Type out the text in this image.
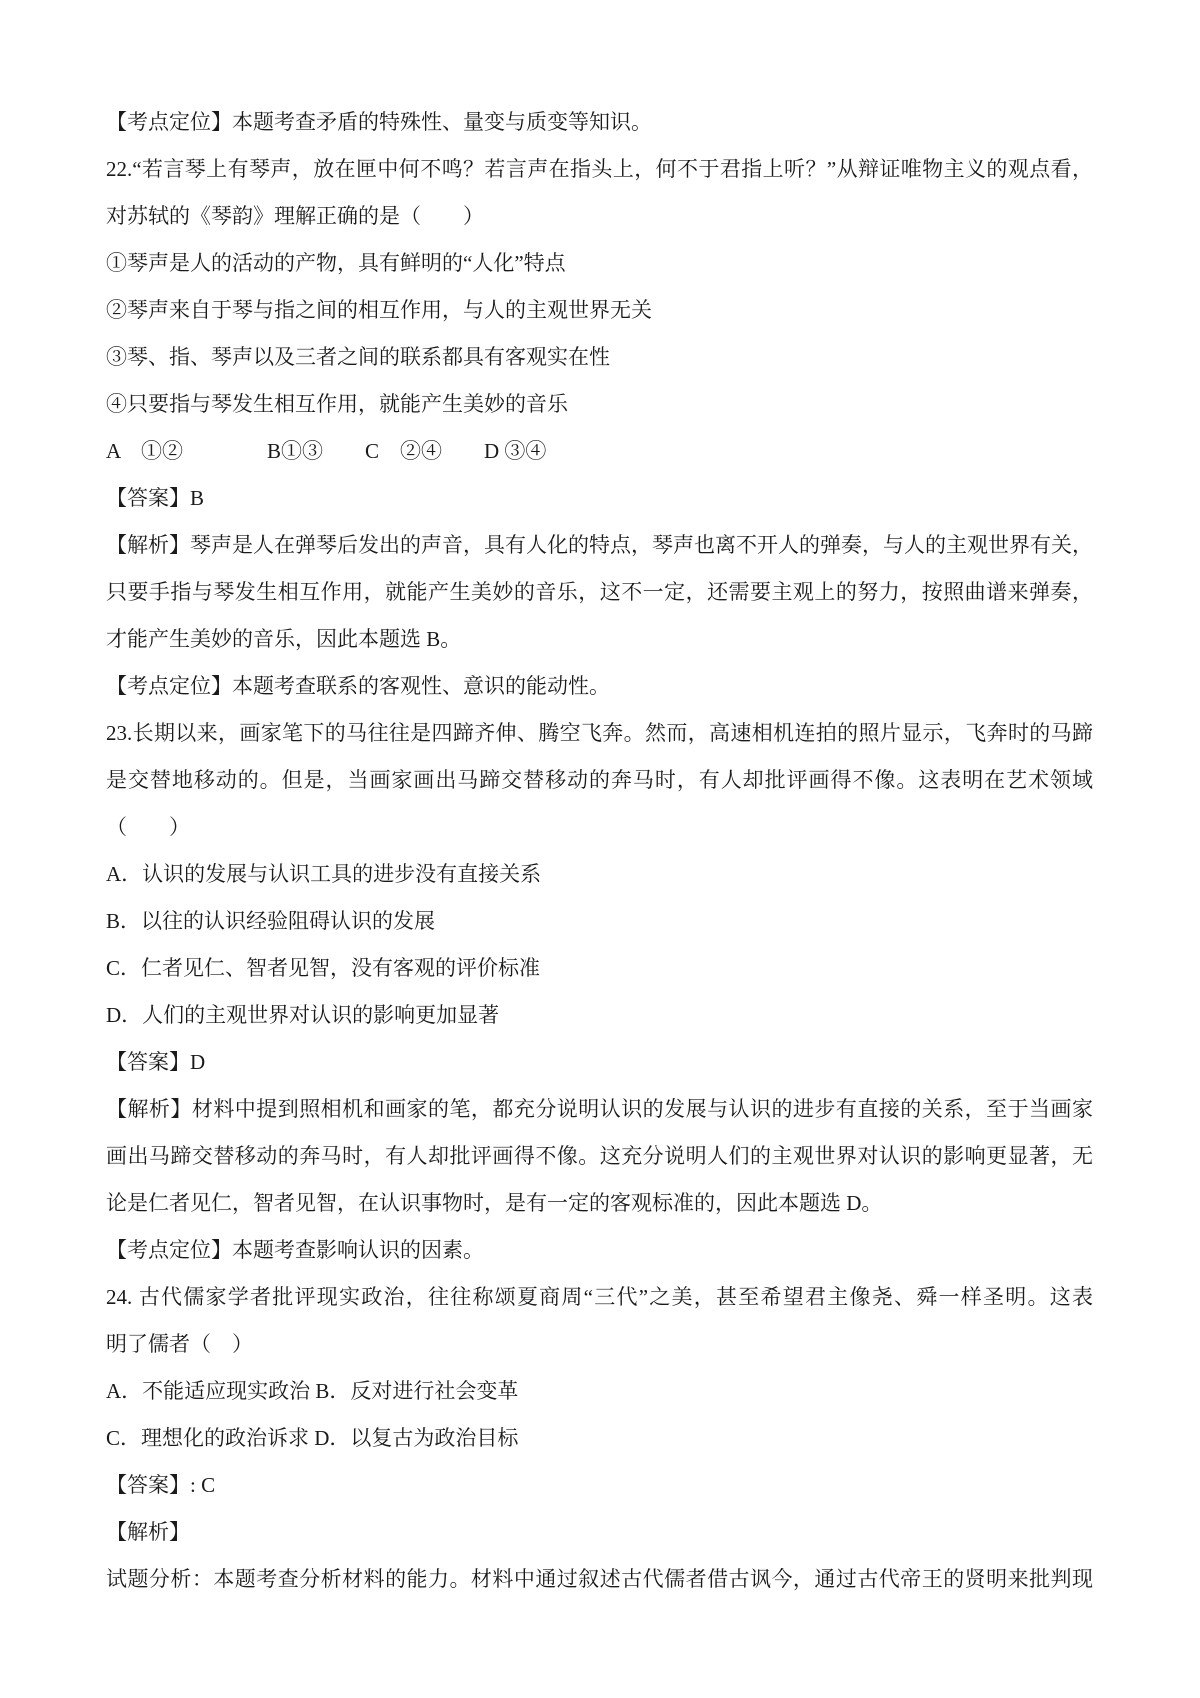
【考点定位】本题考查矛盾的特殊性、量变与质变等知识。
22.“若言琴上有琴声，放在匣中何不鸣？若言声在指头上，何不于君指上听？”从辩证唯物主义的观点看，
对苏轼的《琴韵》理解正确的是（　　）
①琴声是人的活动的产物，具有鲜明的“人化”特点
②琴声来自于琴与指之间的相互作用，与人的主观世界无关
③琴、指、琴声以及三者之间的联系都具有客观实在性
④只要指与琴发生相互作用，就能产生美妙的音乐
A　①②　　　　B①③　　C　②④　　D ③④
【答案】B
【解析】琴声是人在弹琴后发出的声音，具有人化的特点，琴声也离不开人的弹奏，与人的主观世界有关，
只要手指与琴发生相互作用，就能产生美妙的音乐，这不一定，还需要主观上的努力，按照曲谱来弹奏，
才能产生美妙的音乐，因此本题选 B。
【考点定位】本题考查联系的客观性、意识的能动性。
23.长期以来，画家笔下的马往往是四蹄齐伸、腾空飞奔。然而，高速相机连拍的照片显示，飞奔时的马蹄
是交替地移动的。但是，当画家画出马蹄交替移动的奔马时，有人却批评画得不像。这表明在艺术领域
（　　）
A．认识的发展与认识工具的进步没有直接关系
B．以往的认识经验阻碍认识的发展
C．仁者见仁、智者见智，没有客观的评价标准
D．人们的主观世界对认识的影响更加显著
【答案】D
【解析】材料中提到照相机和画家的笔，都充分说明认识的发展与认识的进步有直接的关系，至于当画家
画出马蹄交替移动的奔马时，有人却批评画得不像。这充分说明人们的主观世界对认识的影响更显著，无
论是仁者见仁，智者见智，在认识事物时，是有一定的客观标准的，因此本题选 D。
【考点定位】本题考查影响认识的因素。
24. 古代儒家学者批评现实政治，往往称颂夏商周“三代”之美，甚至希望君主像尧、舜一样圣明。这表
明了儒者（　）
A．不能适应现实政治 B．反对进行社会变革
C．理想化的政治诉求 D．以复古为政治目标
【答案】: C
【解析】
试题分析：本题考查分析材料的能力。材料中通过叙述古代儒者借古讽今，通过古代帝王的贤明来批判现
